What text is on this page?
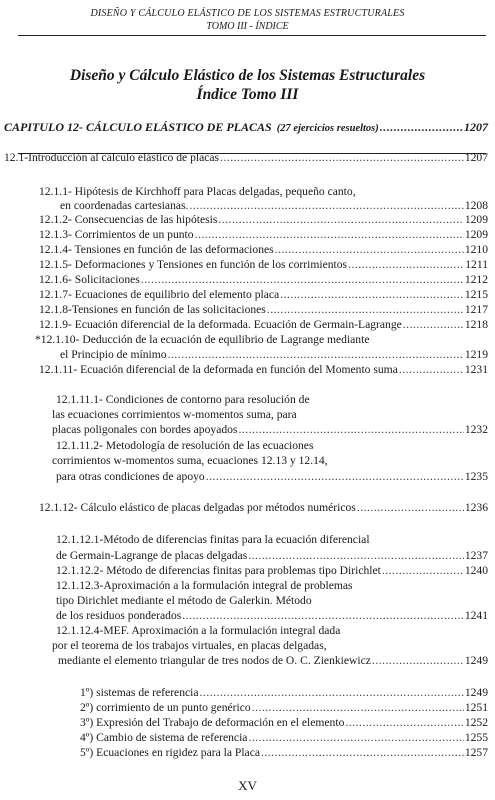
DISEÑO Y CÁLCULO ELÁSTICO DE LOS SISTEMAS ESTRUCTURALES
TOMO III - ÍNDICE
Diseño y Cálculo Elástico de los Sistemas Estructurales
Índice Tomo III
CAPITULO 12- CÁLCULO ELÁSTICO DE PLACAS (27 ejercicios resueltos) .....	1207
12.1-Introducción al cálculo elástico de placas .....	1207
12.1.1- Hipótesis de Kirchhoff para Placas delgadas, pequeño canto,
en coordenadas cartesianas. .....	1208
12.1.2- Consecuencias de las hipótesis .....	1209
12.1.3- Corrimientos de un punto .....	1209
12.1.4- Tensiones en función de las deformaciones .....	1210
12.1.5- Deformaciones y Tensiones en función de los corrimientos .....	1211
12.1.6- Solicitaciones .....	1212
12.1.7- Ecuaciones de equilibrio del elemento placa .....	1215
12.1.8-Tensiones en función de las solicitaciones .....	1217
12.1.9- Ecuación diferencial de la deformada. Ecuación de Germain-Lagrange .....	1218
*12.1.10- Deducción de la ecuación de equilibrio de Lagrange mediante
el Principio de mínimo .....	1219
12.1.11- Ecuación diferencial de la deformada en función del Momento suma .....	1231
12.1.11.1- Condiciones de contorno para resolución de
las ecuaciones corrimientos w-momentos suma, para
placas poligonales con bordes apoyados .....	1232
12.1.11.2- Metodología de resolución de las ecuaciones
corrimientos w-momentos suma, ecuaciones 12.13 y 12.14,
para otras condiciones de apoyo .....	1235
12.1.12- Cálculo elástico de placas delgadas por métodos numéricos .....	1236
12.1.12.1-Método de diferencias finitas para la ecuación diferencial
de Germain-Lagrange de placas delgadas .....	1237
12.1.12.2- Método de diferencias finitas para problemas tipo Dirichlet .....	1240
12.1.12.3-Aproximación a la formulación integral de problemas
tipo Dirichlet mediante el método de Galerkin. Método
de los residuos ponderados .....	1241
12.1.12.4-MEF. Aproximación a la formulación integral dada
por el teorema de los trabajos virtuales, en placas delgadas,
mediante el elemento triangular de tres nodos de O. C. Zienkiewicz .....	1249
1º) sistemas de referencia .....	1249
2º) corrimiento de un punto genérico .....	1251
3º) Expresión del Trabajo de deformación en el elemento .....	1252
4º) Cambio de sistema de referencia .....	1255
5º) Ecuaciones en rigidez para la Placa .....	1257
XV
